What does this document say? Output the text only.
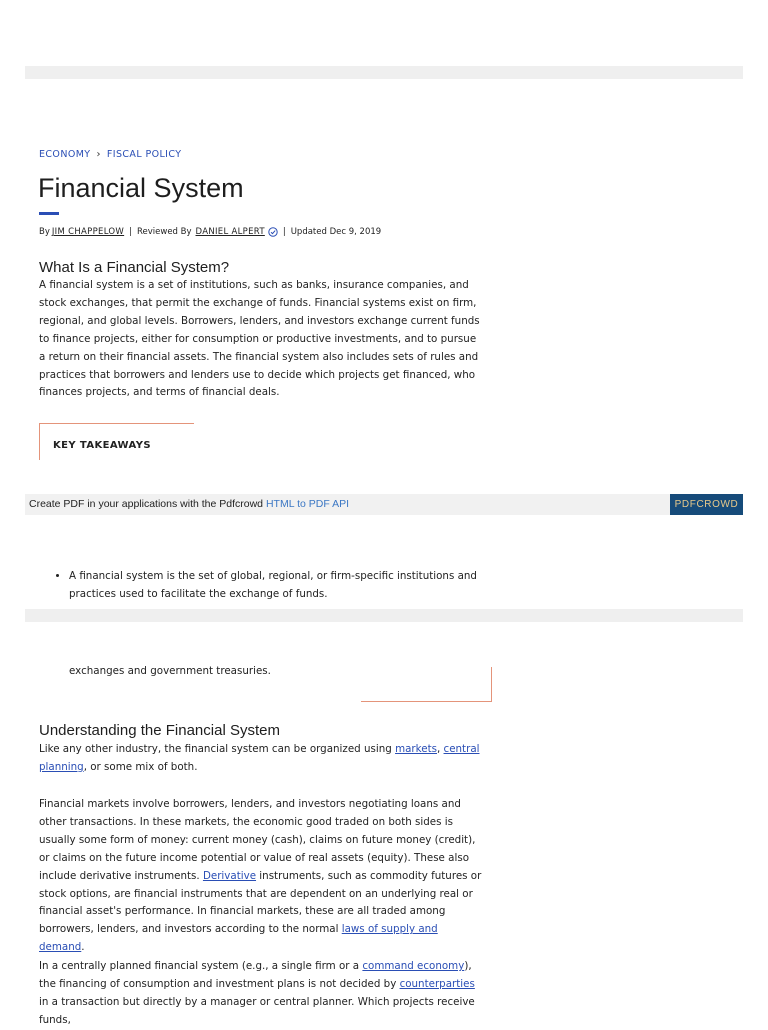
ECONOMY › FISCAL POLICY
Financial System
By JIM CHAPPELOW | Reviewed By DANIEL ALPERT | Updated Dec 9, 2019
What Is a Financial System?

A financial system is a set of institutions, such as banks, insurance companies, and stock exchanges, that permit the exchange of funds. Financial systems exist on firm, regional, and global levels. Borrowers, lenders, and investors exchange current funds to finance projects, either for consumption or productive investments, and to pursue a return on their financial assets. The financial system also includes sets of rules and practices that borrowers and lenders use to decide which projects get financed, who finances projects, and terms of financial deals.

KEY TAKEAWAYS
Create PDF in your applications with the Pdfcrowd HTML to PDF API	PDFCROWD
• A financial system is the set of global, regional, or firm-specific institutions and practices used to facilitate the exchange of funds.
exchanges and government treasuries.
Understanding the Financial System

Like any other industry, the financial system can be organized using markets, central planning, or some mix of both.

Financial markets involve borrowers, lenders, and investors negotiating loans and other transactions. In these markets, the economic good traded on both sides is usually some form of money: current money (cash), claims on future money (credit), or claims on the future income potential or value of real assets (equity). These also include derivative instruments. Derivative instruments, such as commodity futures or stock options, are financial instruments that are dependent on an underlying real or financial asset's performance. In financial markets, these are all traded among borrowers, lenders, and investors according to the normal laws of supply and demand.

In a centrally planned financial system (e.g., a single firm or a command economy), the financing of consumption and investment plans is not decided by counterparties in a transaction but directly by a manager or central planner. Which projects receive funds,
